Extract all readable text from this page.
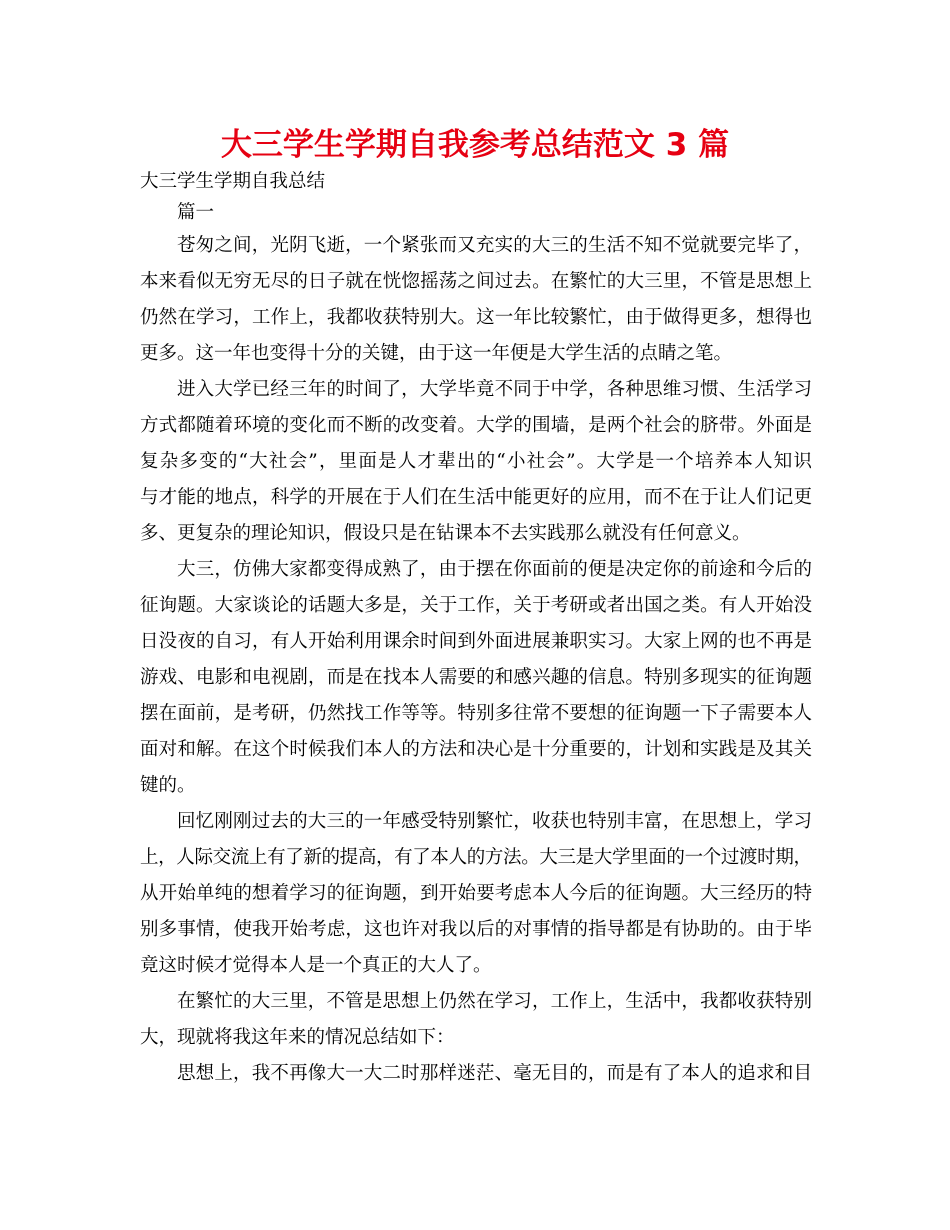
大三学生学期自我参考总结范文 3 篇
大三学生学期自我总结
篇一
苍匆之间，光阴飞逝，一个紧张而又充实的大三的生活不知不觉就要完毕了，
本来看似无穷无尽的日子就在恍惚摇荡之间过去。在繁忙的大三里，不管是思想上
仍然在学习，工作上，我都收获特别大。这一年比较繁忙，由于做得更多，想得也
更多。这一年也变得十分的关键，由于这一年便是大学生活的点睛之笔。
进入大学已经三年的时间了，大学毕竟不同于中学，各种思维习惯、生活学习
方式都随着环境的变化而不断的改变着。大学的围墙，是两个社会的脐带。外面是
复杂多变的“大社会”，里面是人才辈出的“小社会”。大学是一个培养本人知识
与才能的地点，科学的开展在于人们在生活中能更好的应用，而不在于让人们记更
多、更复杂的理论知识，假设只是在钻课本不去实践那么就没有任何意义。
大三，仿佛大家都变得成熟了，由于摆在你面前的便是决定你的前途和今后的
征询题。大家谈论的话题大多是，关于工作，关于考研或者出国之类。有人开始没
日没夜的自习，有人开始利用课余时间到外面进展兼职实习。大家上网的也不再是
游戏、电影和电视剧，而是在找本人需要的和感兴趣的信息。特别多现实的征询题
摆在面前，是考研，仍然找工作等等。特别多往常不要想的征询题一下子需要本人
面对和解。在这个时候我们本人的方法和决心是十分重要的，计划和实践是及其关
键的。
回忆刚刚过去的大三的一年感受特别繁忙，收获也特别丰富，在思想上，学习
上，人际交流上有了新的提高，有了本人的方法。大三是大学里面的一个过渡时期，
从开始单纯的想着学习的征询题，到开始要考虑本人今后的征询题。大三经历的特
别多事情，使我开始考虑，这也许对我以后的对事情的指导都是有协助的。由于毕
竟这时候才觉得本人是一个真正的大人了。
在繁忙的大三里，不管是思想上仍然在学习，工作上，生活中，我都收获特别
大，现就将我这年来的情况总结如下：
思想上，我不再像大一大二时那样迷茫、毫无目的，而是有了本人的追求和目
